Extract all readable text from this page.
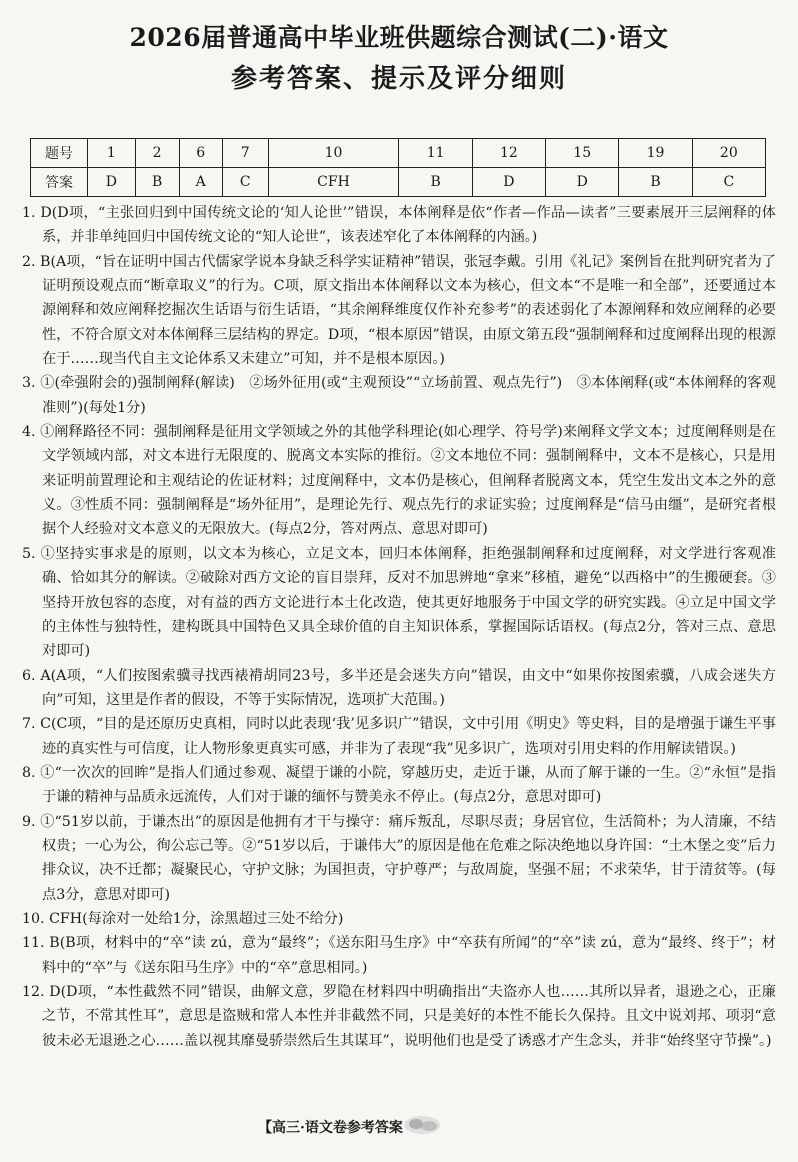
2026届普通高中毕业班供题综合测试(二)·语文
参考答案、提示及评分细则
题号	1	2	6	7	10	11	12	15	19	20
答案	D	B	A	C	CFH	B	D	D	B	C

1. D(D项，“主张回归到中国传统文论的‘知人论世’”错误，本体阐释是依“作者—作品—读者”三要素展开三层阐释的体系，并非单纯回归中国传统文论的“知人论世”，该表述窄化了本体阐释的内涵。)

2. B(A项，“旨在证明中国古代儒家学说本身缺乏科学实证精神”错误，张冠李戴。引用《礼记》案例旨在批判研究者为了证明预设观点而“断章取义”的行为。C项，原文指出本体阐释以文本为核心，但文本“不是唯一和全部”，还要通过本源阐释和效应阐释挖掘次生话语与衍生话语，“其余阐释维度仅作补充参考”的表述弱化了本源阐释和效应阐释的必要性，不符合原文对本体阐释三层结构的界定。D项，“根本原因”错误，由原文第五段“强制阐释和过度阐释出现的根源在于……现当代自主文论体系又未建立”可知，并不是根本原因。)

3. ①(牵强附会的)强制阐释(解读)　②场外征用(或“主观预设”“立场前置、观点先行”)　③本体阐释(或“本体阐释的客观准则”)(每处1分)

4. ①阐释路径不同：强制阐释是征用文学领域之外的其他学科理论(如心理学、符号学)来阐释文学文本；过度阐释则是在文学领域内部，对文本进行无限度的、脱离文本实际的推衍。②文本地位不同：强制阐释中，文本不是核心，只是用来证明前置理论和主观结论的佐证材料；过度阐释中，文本仍是核心，但阐释者脱离文本，凭空生发出文本之外的意义。③性质不同：强制阐释是“场外征用”，是理论先行、观点先行的求证实验；过度阐释是“信马由缰”，是研究者根据个人经验对文本意义的无限放大。(每点2分，答对两点、意思对即可)

5. ①坚持实事求是的原则，以文本为核心，立足文本，回归本体阐释，拒绝强制阐释和过度阐释，对文学进行客观准确、恰如其分的解读。②破除对西方文论的盲目崇拜，反对不加思辨地“拿来”移植，避免“以西格中”的生搬硬套。③坚持开放包容的态度，对有益的西方文论进行本土化改造，使其更好地服务于中国文学的研究实践。④立足中国文学的主体性与独特性，建构既具中国特色又具全球价值的自主知识体系，掌握国际话语权。(每点2分，答对三点、意思对即可)

6. A(A项，“人们按图索骥寻找西裱褙胡同23号，多半还是会迷失方向”错误，由文中“如果你按图索骥，八成会迷失方向”可知，这里是作者的假设，不等于实际情况，选项扩大范围。)

7. C(C项，“目的是还原历史真相，同时以此表现‘我’见多识广”错误，文中引用《明史》等史料，目的是增强于谦生平事迹的真实性与可信度，让人物形象更真实可感，并非为了表现“我”见多识广，选项对引用史料的作用解读错误。)

8. ①“一次次的回眸”是指人们通过参观、凝望于谦的小院，穿越历史，走近于谦，从而了解于谦的一生。②“永恒”是指于谦的精神与品质永远流传，人们对于谦的缅怀与赞美永不停止。(每点2分，意思对即可)

9. ①“51岁以前，于谦杰出”的原因是他拥有才干与操守：痛斥叛乱，尽职尽责；身居官位，生活简朴；为人清廉，不结权贵；一心为公，徇公忘己等。②“51岁以后，于谦伟大”的原因是他在危难之际决绝地以身许国：“土木堡之变”后力排众议，决不迁都；凝聚民心，守护文脉；为国担责，守护尊严；与敌周旋，坚强不屈；不求荣华，甘于清贫等。(每点3分，意思对即可)

10. CFH(每涂对一处给1分，涂黑超过三处不给分)

11. B(B项，材料中的“卒”读 zú，意为“最终”；《送东阳马生序》中“卒获有所闻”的“卒”读 zú，意为“最终、终于”；材料中的“卒”与《送东阳马生序》中的“卒”意思相同。)

12. D(D项，“本性截然不同”错误，曲解文意，罗隐在材料四中明确指出“夫盗亦人也……其所以异者，退逊之心，正廉之节，不常其性耳”，意思是盗贼和常人本性并非截然不同，只是美好的本性不能长久保持。且文中说刘邦、项羽“意彼未必无退逊之心……盖以视其靡曼骄崇然后生其谋耳”，说明他们也是受了诱惑才产生念头，并非“始终坚守节操”。)

【高三·语文卷参考答案
